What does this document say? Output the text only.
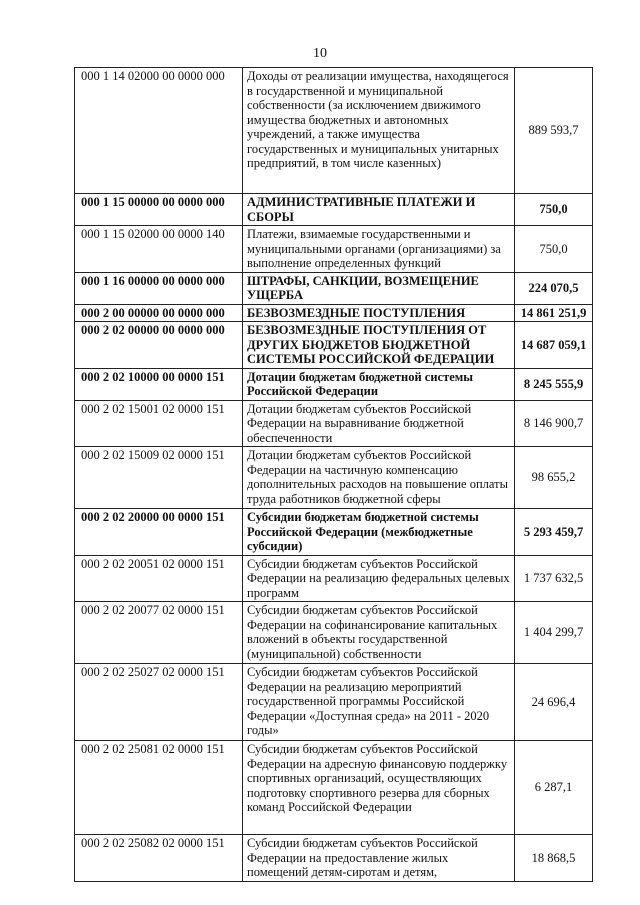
10
000 1 14 02000 00 0000 000	Доходы от реализации имущества, находящегося в государственной и муниципальной собственности (за исключением движимого имущества бюджетных и автономных учреждений, а также имущества государственных и муниципальных унитарных предприятий, в том числе казенных)	889 593,7
000 1 15 00000 00 0000 000	АДМИНИСТРАТИВНЫЕ ПЛАТЕЖИ И СБОРЫ	750,0
000 1 15 02000 00 0000 140	Платежи, взимаемые государственными и муниципальными органами (организациями) за выполнение определенных функций	750,0
000 1 16 00000 00 0000 000	ШТРАФЫ, САНКЦИИ, ВОЗМЕЩЕНИЕ УЩЕРБА	224 070,5
000 2 00 00000 00 0000 000	БЕЗВОЗМЕЗДНЫЕ ПОСТУПЛЕНИЯ	14 861 251,9
000 2 02 00000 00 0000 000	БЕЗВОЗМЕЗДНЫЕ ПОСТУПЛЕНИЯ ОТ ДРУГИХ БЮДЖЕТОВ БЮДЖЕТНОЙ СИСТЕМЫ РОССИЙСКОЙ ФЕДЕРАЦИИ	14 687 059,1
000 2 02 10000 00 0000 151	Дотации бюджетам бюджетной системы Российской Федерации	8 245 555,9
000 2 02 15001 02 0000 151	Дотации бюджетам субъектов Российской Федерации на выравнивание бюджетной обеспеченности	8 146 900,7
000 2 02 15009 02 0000 151	Дотации бюджетам субъектов Российской Федерации на частичную компенсацию дополнительных расходов на повышение оплаты труда работников бюджетной сферы	98 655,2
000 2 02 20000 00 0000 151	Субсидии бюджетам бюджетной системы Российской Федерации (межбюджетные субсидии)	5 293 459,7
000 2 02 20051 02 0000 151	Субсидии бюджетам субъектов Российской Федерации на реализацию федеральных целевых программ	1 737 632,5
000 2 02 20077 02 0000 151	Субсидии бюджетам субъектов Российской Федерации на софинансирование капитальных вложений в объекты государственной (муниципальной) собственности	1 404 299,7
000 2 02 25027 02 0000 151	Субсидии бюджетам субъектов Российской Федерации на реализацию мероприятий государственной программы Российской Федерации «Доступная среда» на 2011 - 2020 годы»	24 696,4
000 2 02 25081 02 0000 151	Субсидии бюджетам субъектов Российской Федерации на адресную финансовую поддержку спортивных организаций, осуществляющих подготовку спортивного резерва для сборных команд Российской Федерации	6 287,1
000 2 02 25082 02 0000 151	Субсидии бюджетам субъектов Российской Федерации на предоставление жилых помещений детям-сиротам и детям,	18 868,5
